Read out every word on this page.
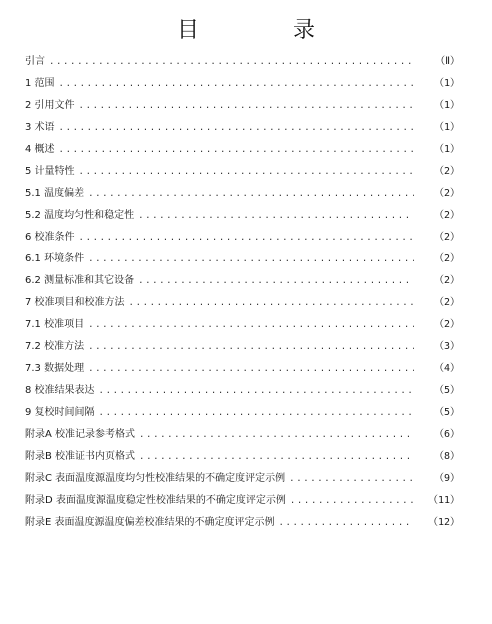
目　录
引言 .....	（Ⅱ）
1 范围 .....	（1）
2 引用文件 .....	（1）
3 术语 .....	（1）
4 概述 .....	（1）
5 计量特性 .....	（2）
5.1 温度偏差 .....	（2）
5.2 温度均匀性和稳定性 .....	（2）
6 校准条件 .....	（2）
6.1 环境条件 .....	（2）
6.2 测量标准和其它设备 .....	（2）
7 校准项目和校准方法 .....	（2）
7.1 校准项目 .....	（2）
7.2 校准方法 .....	（3）
7.3 数据处理 .....	（4）
8 校准结果表达 .....	（5）
9 复校时间间隔 .....	（5）
附录A 校准记录参考格式 .....	（6）
附录B 校准证书内页格式 .....	（8）
附录C 表面温度源温度均匀性校准结果的不确定度评定示例 .....	（9）
附录D 表面温度源温度稳定性校准结果的不确定度评定示例 .....	（11）
附录E 表面温度源温度偏差校准结果的不确定度评定示例 .....	（12）
